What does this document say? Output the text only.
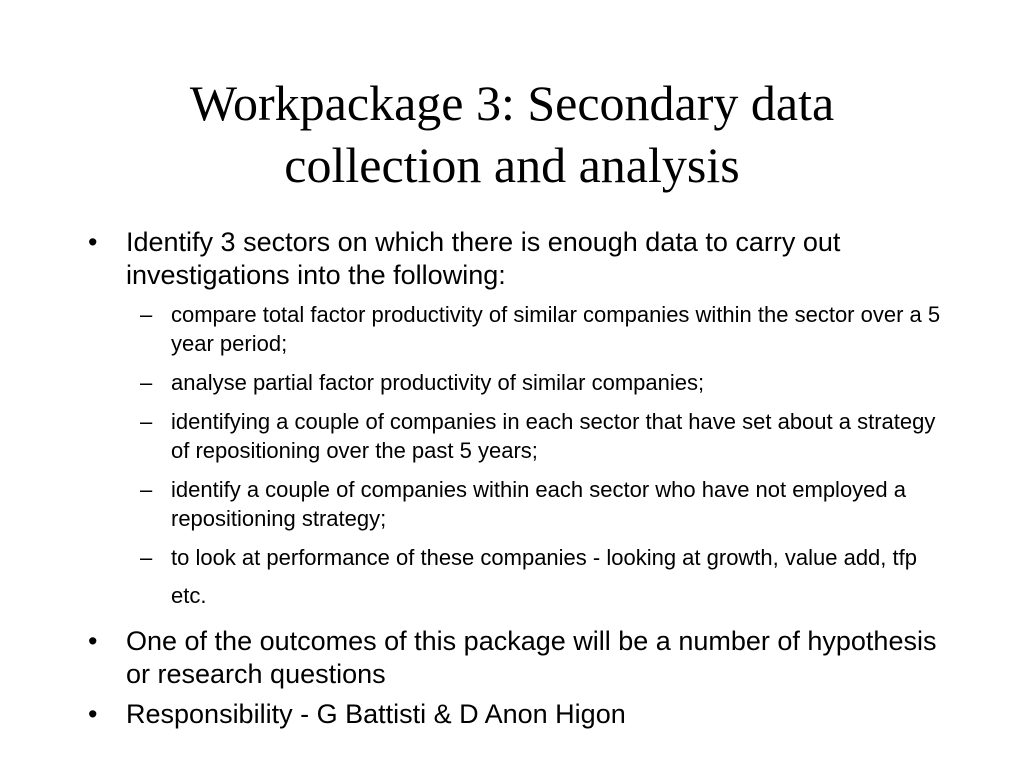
Workpackage 3: Secondary data
collection and analysis
•	Identify 3 sectors on which there is enough data to carry out investigations into the following:
– compare total factor productivity of similar companies within the sector over a 5 year period;
– analyse partial factor productivity of similar companies;
– identifying a couple of companies in each sector that have set about a strategy of repositioning over the past 5 years;
– identify a couple of companies within each sector who have not employed a repositioning strategy;
– to look at performance of these companies - looking at growth, value add, tfp etc.
•	One of the outcomes of this package will be a number of hypothesis or research questions
•	Responsibility - G Battisti & D Anon Higon
